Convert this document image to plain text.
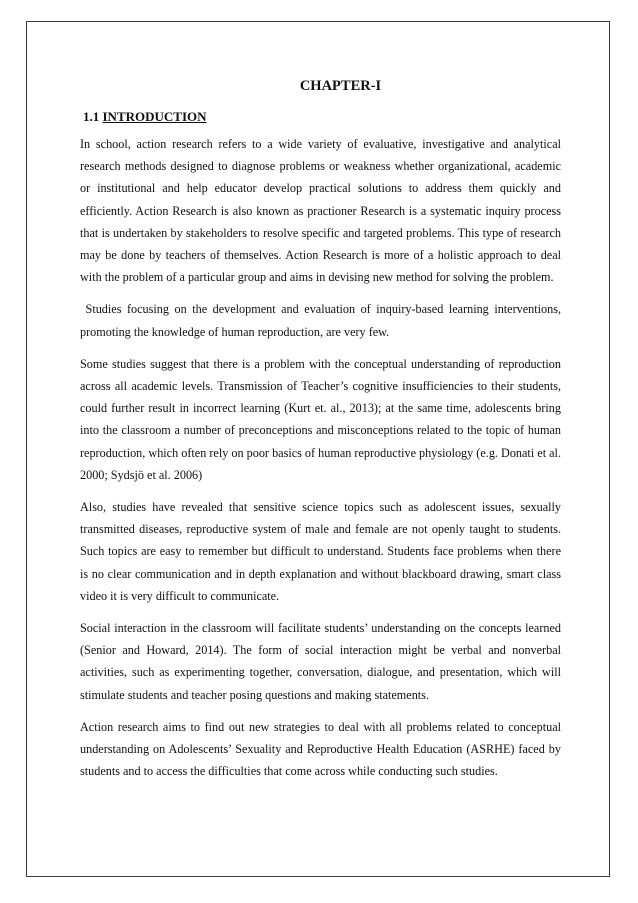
CHAPTER-I
1.1 INTRODUCTION

In school, action research refers to a wide variety of evaluative, investigative and analytical research methods designed to diagnose problems or weakness whether organizational, academic or institutional and help educator develop practical solutions to address them quickly and efficiently. Action Research is also known as practioner Research is a systematic inquiry process that is undertaken by stakeholders to resolve specific and targeted problems. This type of research may be done by teachers of themselves. Action Research is more of a holistic approach to deal with the problem of a particular group and aims in devising new method for solving the problem.

Studies focusing on the development and evaluation of inquiry-based learning interventions, promoting the knowledge of human reproduction, are very few.

Some studies suggest that there is a problem with the conceptual understanding of reproduction across all academic levels. Transmission of Teacher’s cognitive insufficiencies to their students, could further result in incorrect learning (Kurt et. al., 2013); at the same time, adolescents bring into the classroom a number of preconceptions and misconceptions related to the topic of human reproduction, which often rely on poor basics of human reproductive physiology (e.g. Donati et al. 2000; Sydsjö et al. 2006)

Also, studies have revealed that sensitive science topics such as adolescent issues, sexually transmitted diseases, reproductive system of male and female are not openly taught to students. Such topics are easy to remember but difficult to understand. Students face problems when there is no clear communication and in depth explanation and without blackboard drawing, smart class video it is very difficult to communicate.

Social interaction in the classroom will facilitate students’ understanding on the concepts learned (Senior and Howard, 2014). The form of social interaction might be verbal and nonverbal activities, such as experimenting together, conversation, dialogue, and presentation, which will stimulate students and teacher posing questions and making statements.

Action research aims to find out new strategies to deal with all problems related to conceptual understanding on Adolescents’ Sexuality and Reproductive Health Education (ASRHE) faced by students and to access the difficulties that come across while conducting such studies.
